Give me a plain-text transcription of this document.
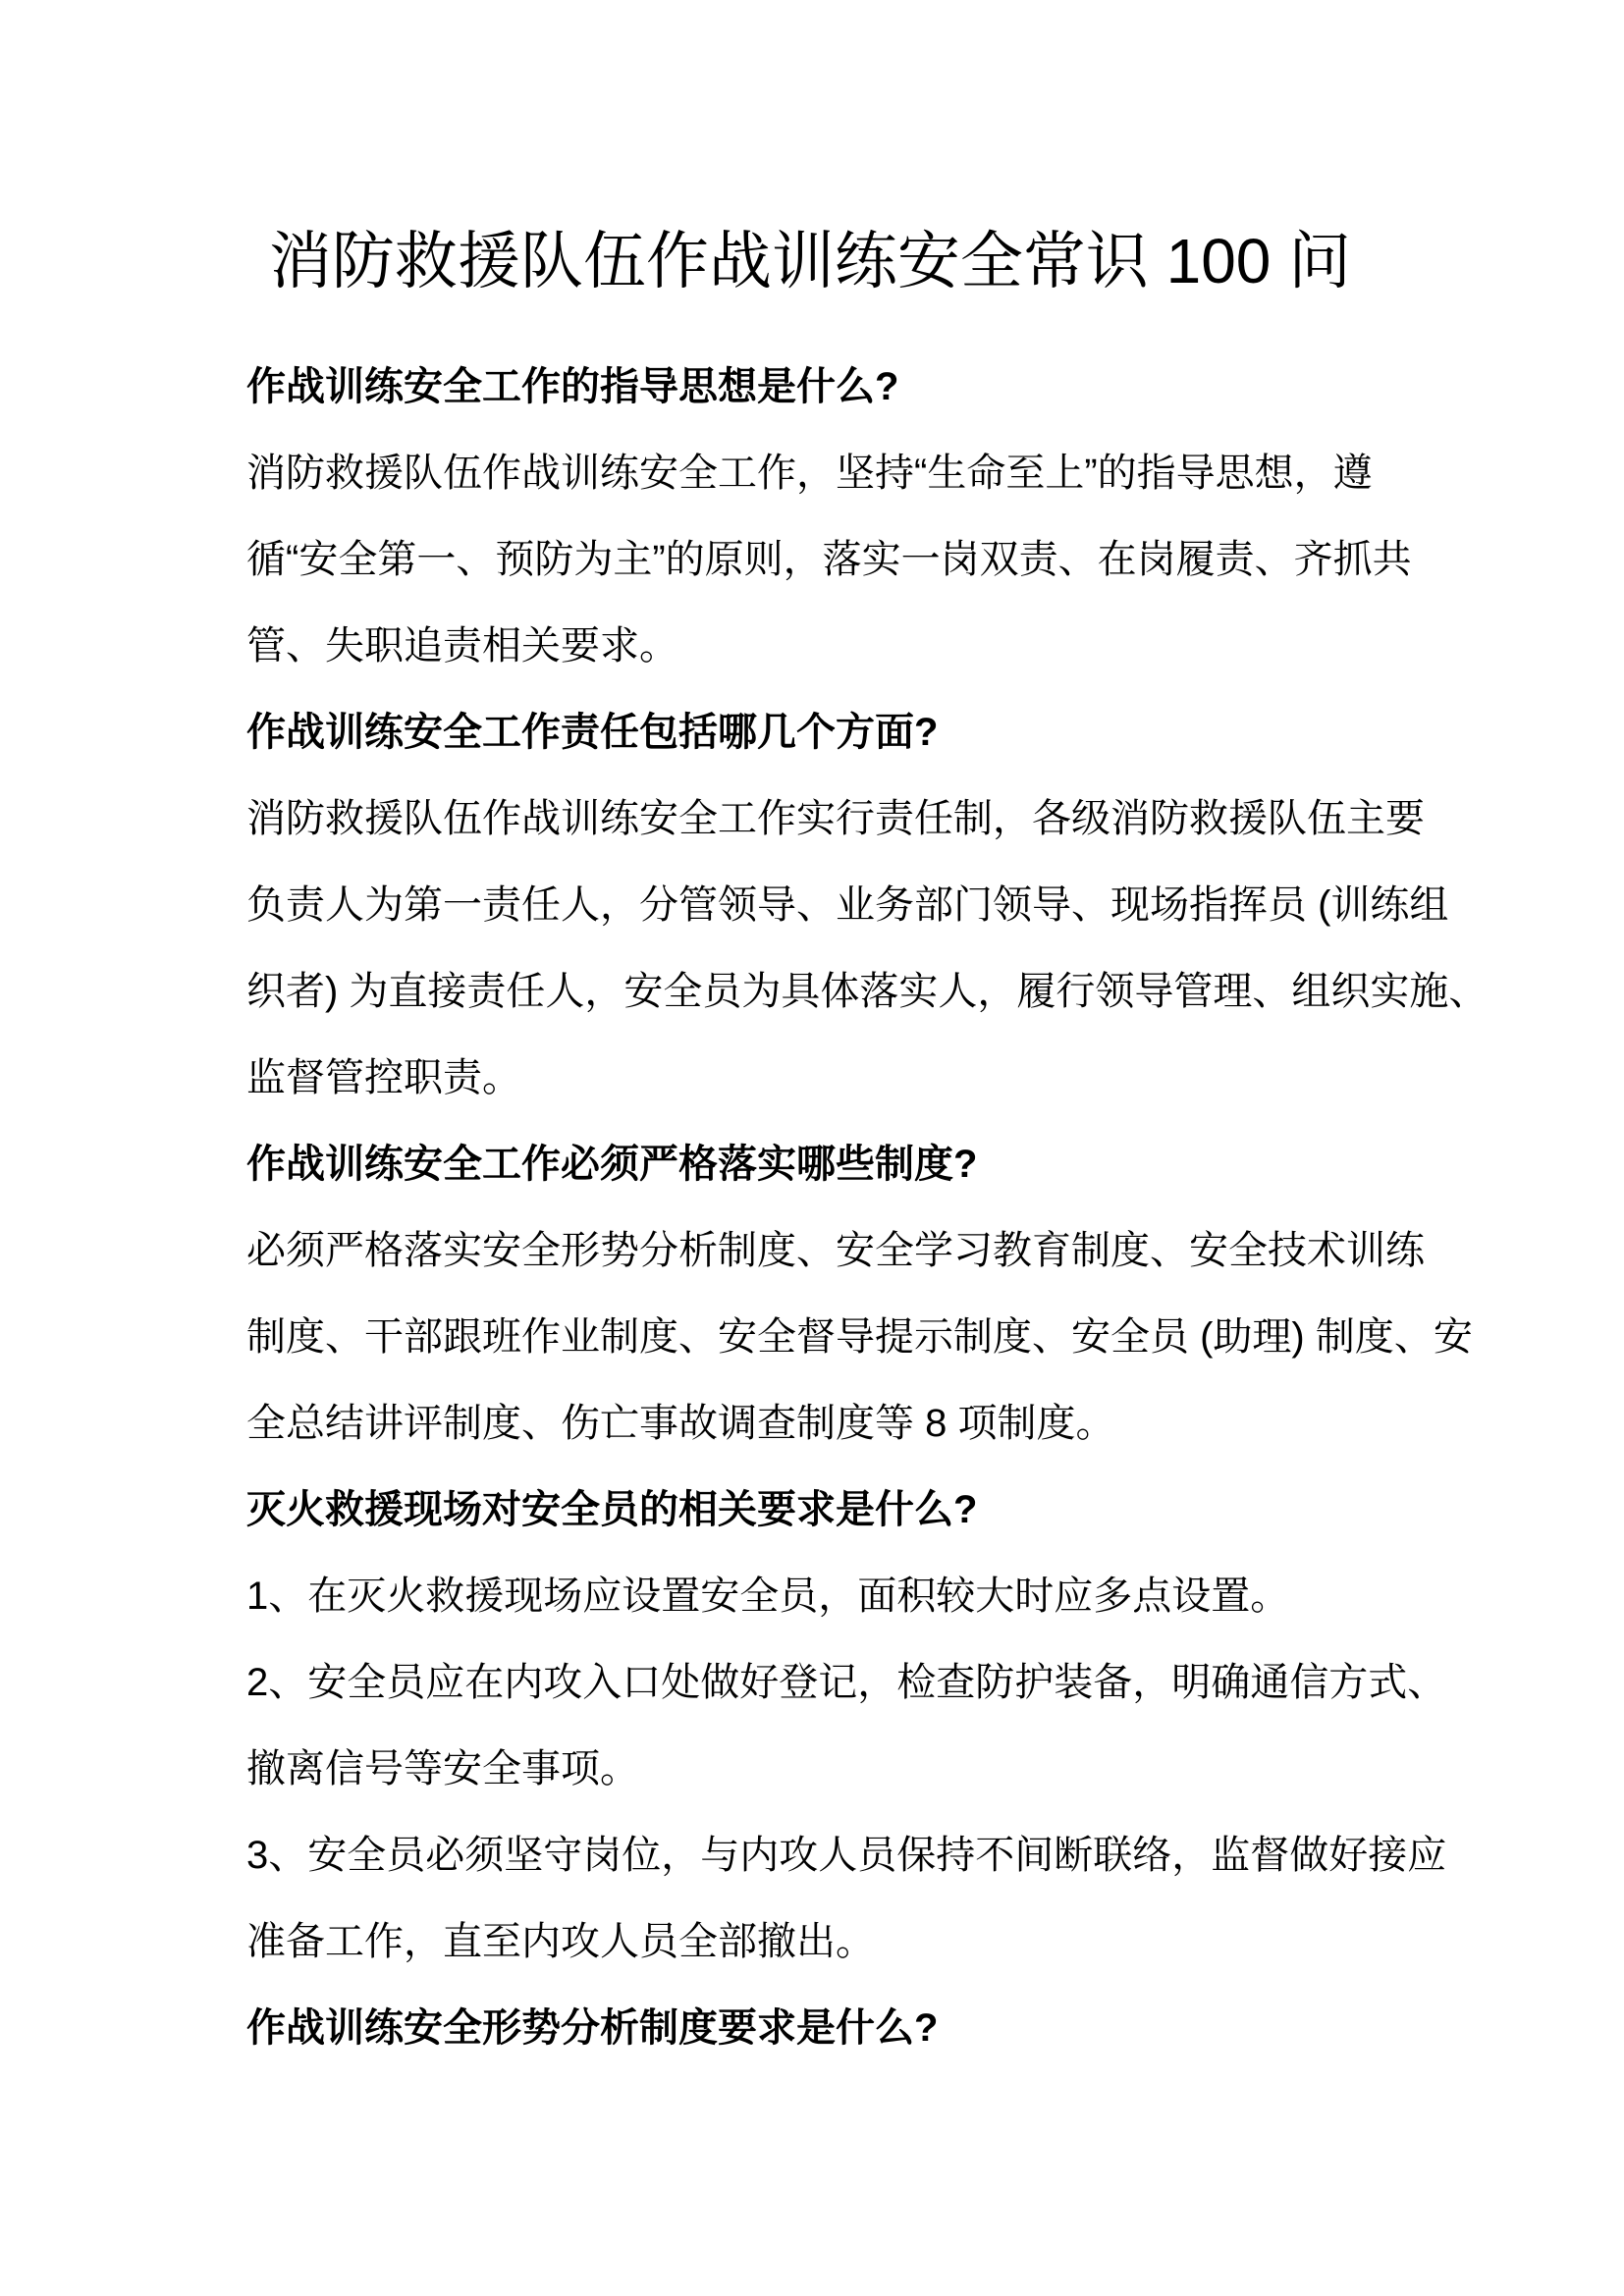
消防救援队伍作战训练安全常识 100 问
作战训练安全工作的指导思想是什么?
消防救援队伍作战训练安全工作，坚持“生命至上”的指导思想，遵
循“安全第一、预防为主”的原则，落实一岗双责、在岗履责、齐抓共
管、失职追责相关要求。
作战训练安全工作责任包括哪几个方面?
消防救援队伍作战训练安全工作实行责任制，各级消防救援队伍主要
负责人为第一责任人，分管领导、业务部门领导、现场指挥员 (训练组
织者) 为直接责任人，安全员为具体落实人，履行领导管理、组织实施、
监督管控职责。
作战训练安全工作必须严格落实哪些制度?
必须严格落实安全形势分析制度、安全学习教育制度、安全技术训练
制度、干部跟班作业制度、安全督导提示制度、安全员 (助理) 制度、安
全总结讲评制度、伤亡事故调查制度等 8 项制度。
灭火救援现场对安全员的相关要求是什么?
1、在灭火救援现场应设置安全员，面积较大时应多点设置。
2、安全员应在内攻入口处做好登记，检查防护装备，明确通信方式、
撤离信号等安全事项。
3、安全员必须坚守岗位，与内攻人员保持不间断联络，监督做好接应
准备工作，直至内攻人员全部撤出。
作战训练安全形势分析制度要求是什么?
